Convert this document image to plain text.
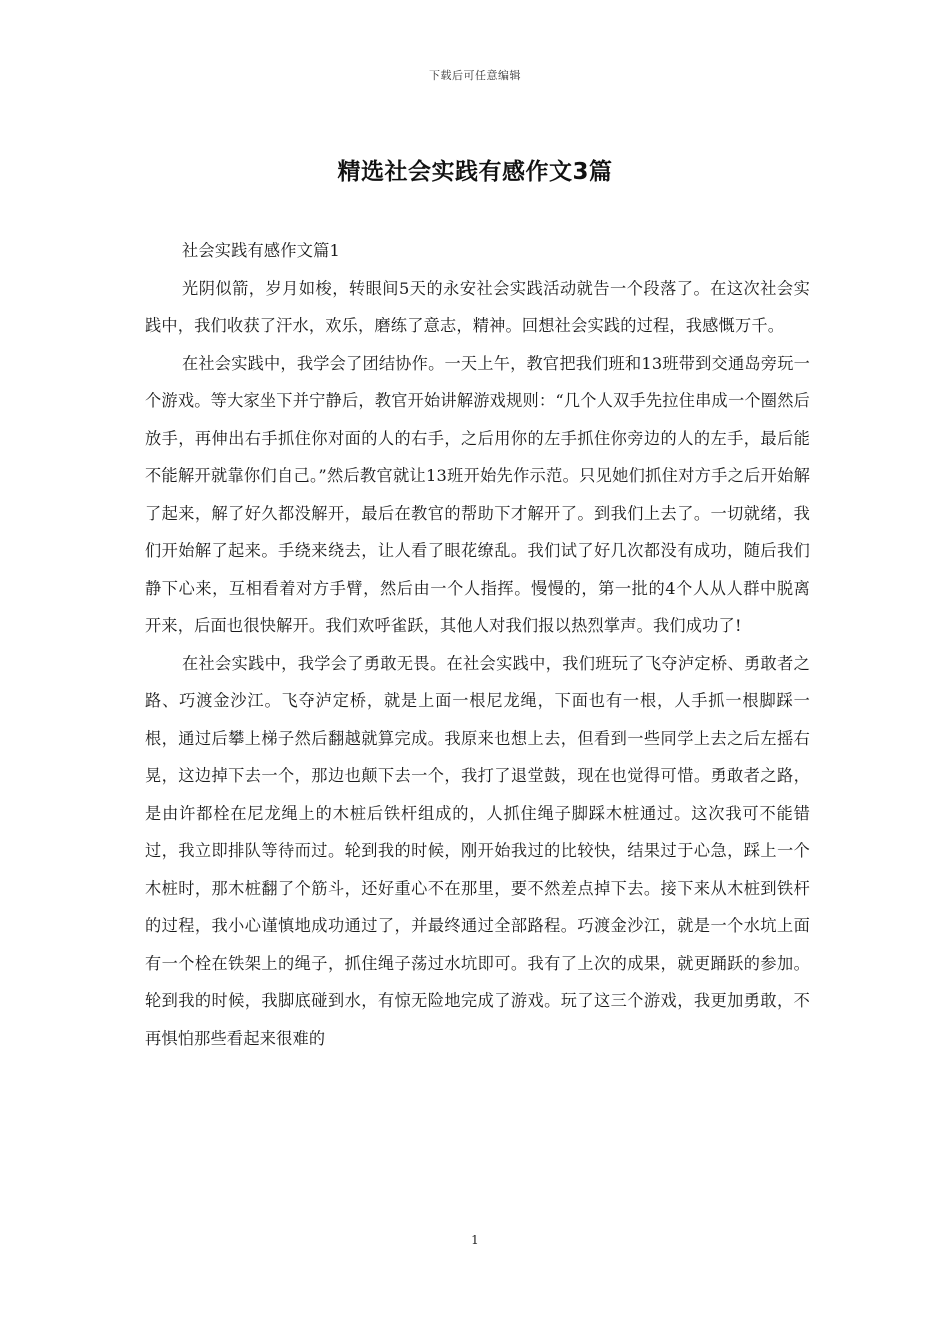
下载后可任意编辑
精选社会实践有感作文3篇

社会实践有感作文篇1

光阴似箭，岁月如梭，转眼间5天的永安社会实践活动就告一个段落了。在这次社会实践中，我们收获了汗水，欢乐，磨练了意志，精神。回想社会实践的过程，我感慨万千。

在社会实践中，我学会了团结协作。一天上午，教官把我们班和13班带到交通岛旁玩一个游戏。等大家坐下并宁静后，教官开始讲解游戏规则：“几个人双手先拉住串成一个圈然后放手，再伸出右手抓住你对面的人的右手，之后用你的左手抓住你旁边的人的左手，最后能不能解开就靠你们自己。”然后教官就让13班开始先作示范。只见她们抓住对方手之后开始解了起来，解了好久都没解开，最后在教官的帮助下才解开了。到我们上去了。一切就绪，我们开始解了起来。手绕来绕去，让人看了眼花缭乱。我们试了好几次都没有成功，随后我们静下心来，互相看着对方手臂，然后由一个人指挥。慢慢的，第一批的4个人从人群中脱离开来，后面也很快解开。我们欢呼雀跃，其他人对我们报以热烈掌声。我们成功了!

在社会实践中，我学会了勇敢无畏。在社会实践中，我们班玩了飞夺泸定桥、勇敢者之路、巧渡金沙江。飞夺泸定桥，就是上面一根尼龙绳，下面也有一根，人手抓一根脚踩一根，通过后攀上梯子然后翻越就算完成。我原来也想上去，但看到一些同学上去之后左摇右晃，这边掉下去一个，那边也颠下去一个，我打了退堂鼓，现在也觉得可惜。勇敢者之路，是由许都栓在尼龙绳上的木桩后铁杆组成的，人抓住绳子脚踩木桩通过。这次我可不能错过，我立即排队等待而过。轮到我的时候，刚开始我过的比较快，结果过于心急，踩上一个木桩时，那木桩翻了个筋斗，还好重心不在那里，要不然差点掉下去。接下来从木桩到铁杆的过程，我小心谨慎地成功通过了，并最终通过全部路程。巧渡金沙江，就是一个水坑上面有一个栓在铁架上的绳子，抓住绳子荡过水坑即可。我有了上次的成果，就更踊跃的参加。轮到我的时候，我脚底碰到水，有惊无险地完成了游戏。玩了这三个游戏，我更加勇敢，不再惧怕那些看起来很难的

1
